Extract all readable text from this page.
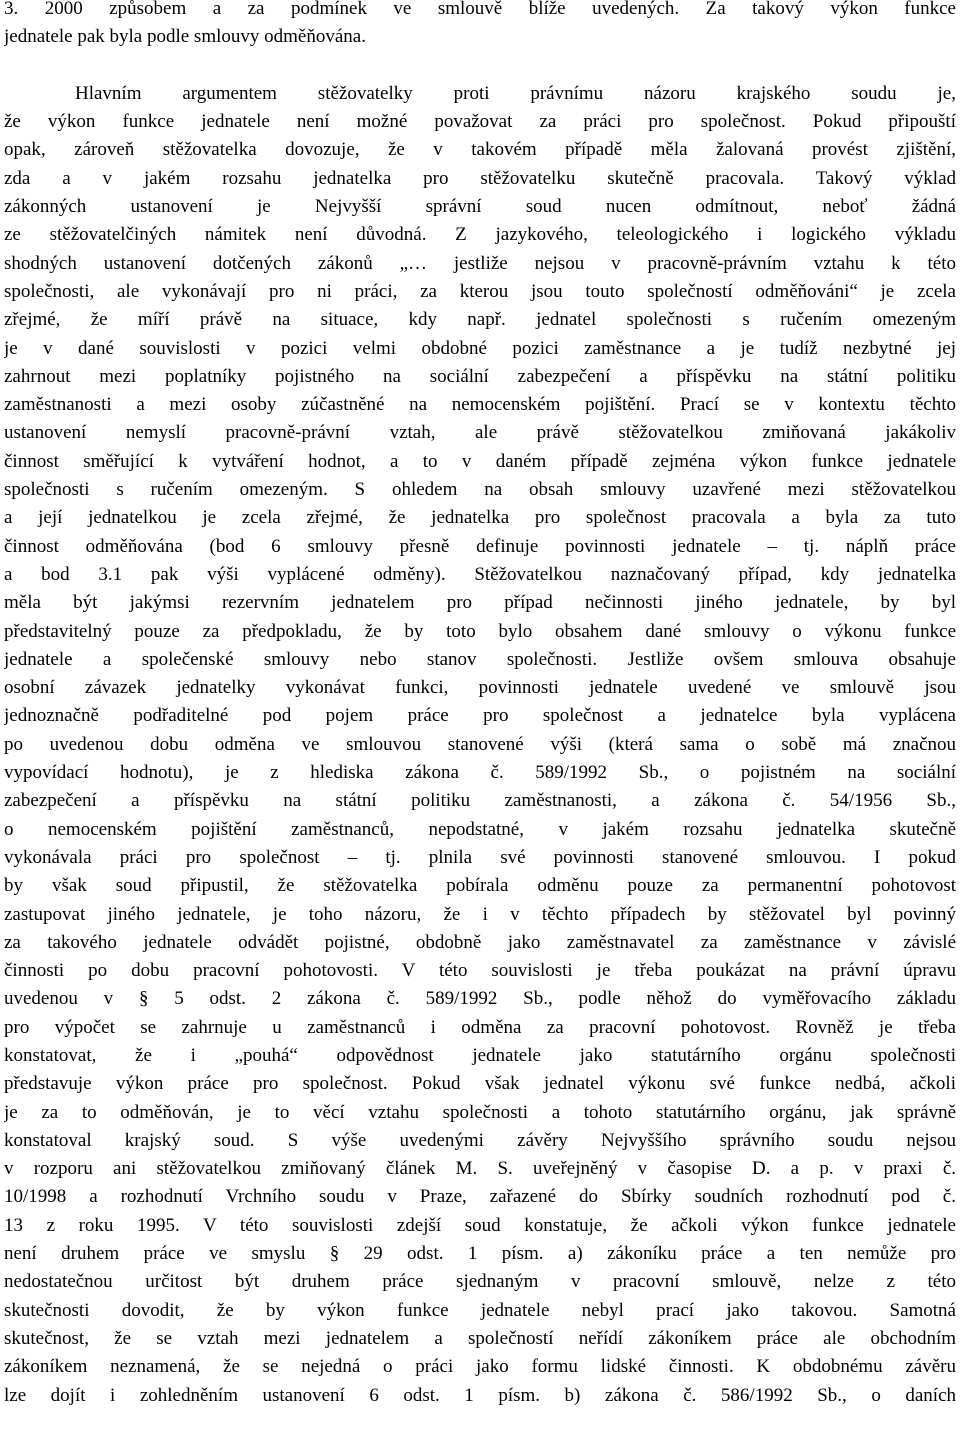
3. 2000 způsobem a za podmínek ve smlouvě blíže uvedených. Za takový výkon funkce
jednatele pak byla podle smlouvy odměňována.
Hlavním argumentem stěžovatelky proti právnímu názoru krajského soudu je,
že výkon funkce jednatele není možné považovat za práci pro společnost. Pokud připouští
opak, zároveň stěžovatelka dovozuje, že v takovém případě měla žalovaná provést zjištění,
zda a v jakém rozsahu jednatelka pro stěžovatelku skutečně pracovala. Takový výklad
zákonných ustanovení je Nejvyšší správní soud nucen odmítnout, neboť žádná
ze stěžovatelčiných námitek není důvodná. Z jazykového, teleologického i logického výkladu
shodných ustanovení dotčených zákonů „… jestliže nejsou v pracovně-právním vztahu k této
společnosti, ale vykonávají pro ni práci, za kterou jsou touto společností odměňováni“ je zcela
zřejmé, že míří právě na situace, kdy např. jednatel společnosti s ručením omezeným
je v dané souvislosti v pozici velmi obdobné pozici zaměstnance a je tudíž nezbytné jej
zahrnout mezi poplatníky pojistného na sociální zabezpečení a příspěvku na státní politiku
zaměstnanosti a mezi osoby zúčastněné na nemocenském pojištění. Prací se v kontextu těchto
ustanovení nemyslí pracovně-právní vztah, ale právě stěžovatelkou zmiňovaná jakákoliv
činnost směřující k vytváření hodnot, a to v daném případě zejména výkon funkce jednatele
společnosti s ručením omezeným. S ohledem na obsah smlouvy uzavřené mezi stěžovatelkou
a její jednatelkou je zcela zřejmé, že jednatelka pro společnost pracovala a byla za tuto
činnost odměňována (bod 6 smlouvy přesně definuje povinnosti jednatele – tj. náplň práce
a bod 3.1 pak výši vyplácené odměny). Stěžovatelkou naznačovaný případ, kdy jednatelka
měla být jakýmsi rezervním jednatelem pro případ nečinnosti jiného jednatele, by byl
představitelný pouze za předpokladu, že by toto bylo obsahem dané smlouvy o výkonu funkce
jednatele a společenské smlouvy nebo stanov společnosti. Jestliže ovšem smlouva obsahuje
osobní závazek jednatelky vykonávat funkci, povinnosti jednatele uvedené ve smlouvě jsou
jednoznačně podřaditelné pod pojem práce pro společnost a jednatelce byla vyplácena
po uvedenou dobu odměna ve smlouvou stanovené výši (která sama o sobě má značnou
vypovídací hodnotu), je z hlediska zákona č. 589/1992 Sb., o pojistném na sociální
zabezpečení a příspěvku na státní politiku zaměstnanosti, a zákona č. 54/1956 Sb.,
o nemocenském pojištění zaměstnanců, nepodstatné, v jakém rozsahu jednatelka skutečně
vykonávala práci pro společnost – tj. plnila své povinnosti stanovené smlouvou. I pokud
by však soud připustil, že stěžovatelka pobírala odměnu pouze za permanentní pohotovost
zastupovat jiného jednatele, je toho názoru, že i v těchto případech by stěžovatel byl povinný
za takového jednatele odvádět pojistné, obdobně jako zaměstnavatel za zaměstnance v závislé
činnosti po dobu pracovní pohotovosti. V této souvislosti je třeba poukázat na právní úpravu
uvedenou v § 5 odst. 2 zákona č. 589/1992 Sb., podle něhož do vyměřovacího základu
pro výpočet se zahrnuje u zaměstnanců i odměna za pracovní pohotovost. Rovněž je třeba
konstatovat, že i „pouhá“ odpovědnost jednatele jako statutárního orgánu společnosti
představuje výkon práce pro společnost. Pokud však jednatel výkonu své funkce nedbá, ačkoli
je za to odměňován, je to věcí vztahu společnosti a tohoto statutárního orgánu, jak správně
konstatoval krajský soud. S výše uvedenými závěry Nejvyššího správního soudu nejsou
v rozporu ani stěžovatelkou zmiňovaný článek M. S. uveřejněný v časopise D. a p. v praxi č.
10/1998 a rozhodnutí Vrchního soudu v Praze, zařazené do Sbírky soudních rozhodnutí pod č.
13 z roku 1995. V této souvislosti zdejší soud konstatuje, že ačkoli výkon funkce jednatele
není druhem práce ve smyslu § 29 odst. 1 písm. a) zákoníku práce a ten nemůže pro
nedostatečnou určitost být druhem práce sjednaným v pracovní smlouvě, nelze z této
skutečnosti dovodit, že by výkon funkce jednatele nebyl prací jako takovou. Samotná
skutečnost, že se vztah mezi jednatelem a společností neřídí zákoníkem práce ale obchodním
zákoníkem neznamená, že se nejedná o práci jako formu lidské činnosti. K obdobnému závěru
lze dojít i zohledněním ustanovení 6 odst. 1 písm. b) zákona č. 586/1992 Sb., o daních
